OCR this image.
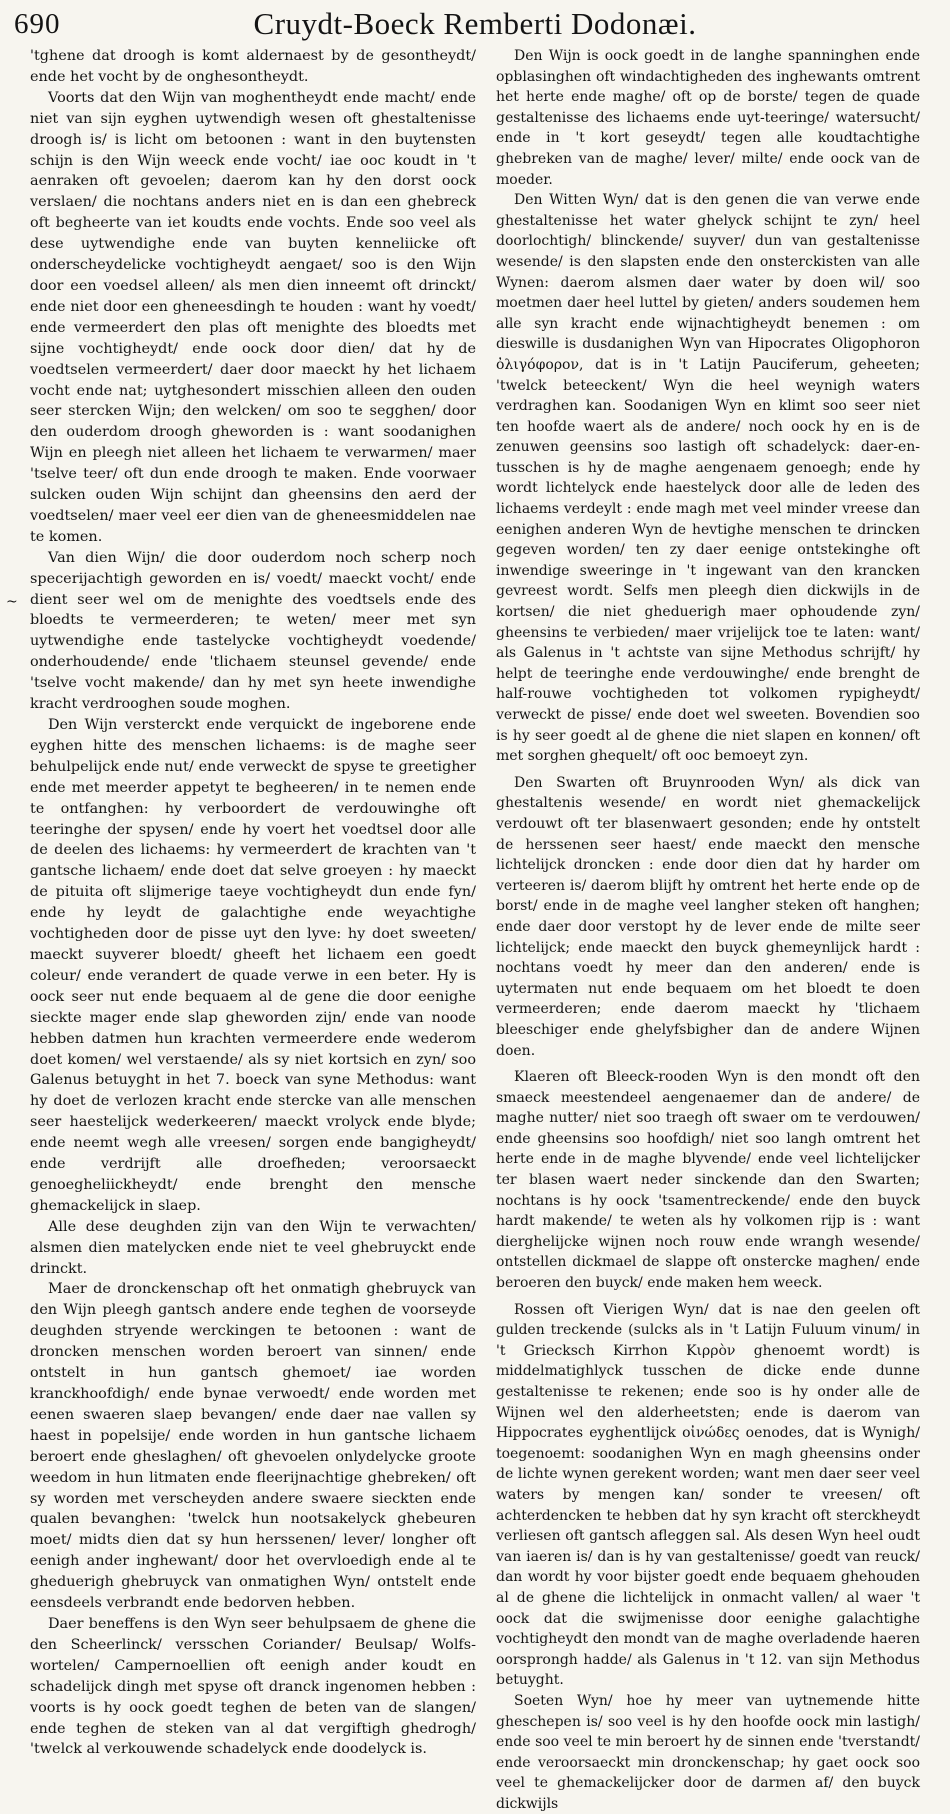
690	Cruydt-Boeck Remberti Dodonæi.
~

'tghene dat droogh is komt aldernaest by de gesontheydt/ ende het vocht by de onghesontheydt.

Voorts dat den Wijn van moghentheydt ende macht/ ende niet van sijn eyghen uytwendigh wesen oft ghestaltenisse droogh is/ is licht om betoonen : want in den buytensten schijn is den Wijn weeck ende vocht/ iae ooc koudt in 't aenraken oft gevoelen; daerom kan hy den dorst oock verslaen/ die nochtans anders niet en is dan een ghebreck oft begheerte van iet koudts ende vochts. Ende soo veel als dese uytwendighe ende van buyten kenneliicke oft onderscheydelicke vochtigheydt aengaet/ soo is den Wijn door een voedsel alleen/ als men dien inneemt oft drinckt/ ende niet door een gheneesdingh te houden : want hy voedt/ ende vermeerdert den plas oft menighte des bloedts met sijne vochtigheydt/ ende oock door dien/ dat hy de voedtselen vermeerdert/ daer door maeckt hy het lichaem vocht ende nat; uytghesondert misschien alleen den ouden seer stercken Wijn; den welcken/ om soo te segghen/ door den ouderdom droogh gheworden is : want soodanighen Wijn en pleegh niet alleen het lichaem te verwarmen/ maer 'tselve teer/ oft dun ende droogh te maken. Ende voorwaer sulcken ouden Wijn schijnt dan gheensins den aerd der voedtselen/ maer veel eer dien van de gheneesmiddelen nae te komen.

Van dien Wijn/ die door ouderdom noch scherp noch specerijachtigh geworden en is/ voedt/ maeckt vocht/ ende dient seer wel om de menighte des voedtsels ende des bloedts te vermeerderen; te weten/ meer met syn uytwendighe ende tastelycke vochtigheydt voedende/ onderhoudende/ ende 'tlichaem steunsel gevende/ ende 'tselve vocht makende/ dan hy met syn heete inwendighe kracht verdrooghen soude moghen.

Den Wijn versterckt ende verquickt de ingeborene ende eyghen hitte des menschen lichaems: is de maghe seer behulpelijck ende nut/ ende verweckt de spyse te greetigher ende met meerder appetyt te begheeren/ in te nemen ende te ontfanghen: hy verboordert de verdouwinghe oft teeringhe der spysen/ ende hy voert het voedtsel door alle de deelen des lichaems: hy vermeerdert de krachten van 't gantsche lichaem/ ende doet dat selve groeyen : hy maeckt de pituita oft slijmerige taeye vochtigheydt dun ende fyn/ ende hy leydt de galachtighe ende weyachtighe vochtigheden door de pisse uyt den lyve: hy doet sweeten/ maeckt suyverer bloedt/ gheeft het lichaem een goedt coleur/ ende verandert de quade verwe in een beter. Hy is oock seer nut ende bequaem al de gene die door eenighe sieckte mager ende slap gheworden zijn/ ende van noode hebben datmen hun krachten vermeerdere ende wederom doet komen/ wel verstaende/ als sy niet kortsich en zyn/ soo Galenus betuyght in het 7. boeck van syne Methodus: want hy doet de verlozen kracht ende stercke van alle menschen seer haestelijck wederkeeren/ maeckt vrolyck ende blyde; ende neemt wegh alle vreesen/ sorgen ende bangigheydt/ ende verdrijft alle droefheden; veroorsaeckt genoegheliickheydt/ ende brenght den mensche ghemackelijck in slaep.

Alle dese deughden zijn van den Wijn te verwachten/ alsmen dien matelycken ende niet te veel ghebruyckt ende drinckt.

Maer de dronckenschap oft het onmatigh ghebruyck van den Wijn pleegh gantsch andere ende teghen de voorseyde deughden stryende werckingen te betoonen : want de droncken menschen worden beroert van sinnen/ ende ontstelt in hun gantsch ghemoet/ iae worden kranckhoofdigh/ ende bynae verwoedt/ ende worden met eenen swaeren slaep bevangen/ ende daer nae vallen sy haest in popelsije/ ende worden in hun gantsche lichaem beroert ende gheslaghen/ oft ghevoelen onlydelycke groote weedom in hun litmaten ende fleerijnachtige ghebreken/ oft sy worden met verscheyden andere swaere sieckten ende qualen bevanghen: 'twelck hun nootsakelyck ghebeuren moet/ midts dien dat sy hun herssenen/ lever/ longher oft eenigh ander inghewant/ door het overvloedigh ende al te gheduerigh ghebruyck van onmatighen Wyn/ ontstelt ende eensdeels verbrandt ende bedorven hebben.

Daer beneffens is den Wyn seer behulpsaem de ghene die den Scheerlinck/ versschen Coriander/ Beulsap/ Wolfs-wortelen/ Campernoellien oft eenigh ander koudt en schadelijck dingh met spyse oft dranck ingenomen hebben : voorts is hy oock goedt teghen de beten van de slangen/ ende teghen de steken van al dat vergiftigh ghedrogh/ 'twelck al verkouwende schadelyck ende doodelyck is.

Den Wijn is oock goedt in de langhe spanninghen ende opblasinghen oft windachtigheden des inghewants omtrent het herte ende maghe/ oft op de borste/ tegen de quade gestaltenisse des lichaems ende uyt-teeringe/ watersucht/ ende in 't kort geseydt/ tegen alle koudtachtighe ghebreken van de maghe/ lever/ milte/ ende oock van de moeder.

Den Witten Wyn/ dat is den genen die van verwe ende ghestaltenisse het water ghelyck schijnt te zyn/ heel doorlochtigh/ blinckende/ suyver/ dun van gestaltenisse wesende/ is den slapsten ende den onsterckisten van alle Wynen: daerom alsmen daer water by doen wil/ soo moetmen daer heel luttel by gieten/ anders soudemen hem alle syn kracht ende wijnachtigheydt benemen : om dieswille is dusdanighen Wyn van Hipocrates Oligophoron ὀλιγόφορον, dat is in 't Latijn Pauciferum, geheeten; 'twelck beteeckent/ Wyn die heel weynigh waters verdraghen kan. Soodanigen Wyn en klimt soo seer niet ten hoofde waert als de andere/ noch oock hy en is de zenuwen geensins soo lastigh oft schadelyck: daer-en-tusschen is hy de maghe aengenaem genoegh; ende hy wordt lichtelyck ende haestelyck door alle de leden des lichaems verdeylt : ende magh met veel minder vreese dan eenighen anderen Wyn de hevtighe menschen te drincken gegeven worden/ ten zy daer eenige ontstekinghe oft inwendige sweeringe in 't ingewant van den krancken gevreest wordt. Selfs men pleegh dien dickwijls in de kortsen/ die niet gheduerigh maer ophoudende zyn/ gheensins te verbieden/ maer vrijelijck toe te laten: want/ als Galenus in 't achtste van sijne Methodus schrijft/ hy helpt de teeringhe ende verdouwinghe/ ende brenght de half-rouwe vochtigheden tot volkomen rypigheydt/ verweckt de pisse/ ende doet wel sweeten. Bovendien soo is hy seer goedt al de ghene die niet slapen en konnen/ oft met sorghen ghequelt/ oft ooc bemoeyt zyn.

Den Swarten oft Bruynrooden Wyn/ als dick van ghestaltenis wesende/ en wordt niet ghemackelijck verdouwt oft ter blasenwaert gesonden; ende hy ontstelt de herssenen seer haest/ ende maeckt den mensche lichtelijck droncken : ende door dien dat hy harder om verteeren is/ daerom blijft hy omtrent het herte ende op de borst/ ende in de maghe veel langher steken oft hanghen; ende daer door verstopt hy de lever ende de milte seer lichtelijck; ende maeckt den buyck ghemeynlijck hardt : nochtans voedt hy meer dan den anderen/ ende is uytermaten nut ende bequaem om het bloedt te doen vermeerderen; ende daerom maeckt hy 'tlichaem bleeschiger ende ghelyfsbigher dan de andere Wijnen doen.

Klaeren oft Bleeck-rooden Wyn is den mondt oft den smaeck meestendeel aengenaemer dan de andere/ de maghe nutter/ niet soo traegh oft swaer om te verdouwen/ ende gheensins soo hoofdigh/ niet soo langh omtrent het herte ende in de maghe blyvende/ ende veel lichtelijcker ter blasen waert neder sinckende dan den Swarten; nochtans is hy oock 'tsamentreckende/ ende den buyck hardt makende/ te weten als hy volkomen rijp is : want dierghelijcke wijnen noch rouw ende wrangh wesende/ ontstellen dickmael de slappe oft onstercke maghen/ ende beroeren den buyck/ ende maken hem weeck.

Rossen oft Vierigen Wyn/ dat is nae den geelen oft gulden treckende (sulcks als in 't Latijn Fuluum vinum/ in 't Griecksch Kirrhon Κιρρὸν ghenoemt wordt) is middelmatighlyck tusschen de dicke ende dunne gestaltenisse te rekenen; ende soo is hy onder alle de Wijnen wel den alderheetsten; ende is daerom van Hippocrates eyghentlijck οἰνώδες oenodes, dat is Wynigh/ toegenoemt: soodanighen Wyn en magh gheensins onder de lichte wynen gerekent worden; want men daer seer veel waters by mengen kan/ sonder te vreesen/ oft achterdencken te hebben dat hy syn kracht oft sterckheydt verliesen oft gantsch afleggen sal. Als desen Wyn heel oudt van iaeren is/ dan is hy van gestaltenisse/ goedt van reuck/ dan wordt hy voor bijster goedt ende bequaem ghehouden al de ghene die lichtelijck in onmacht vallen/ al waer 't oock dat die swijmenisse door eenighe galachtighe vochtigheydt den mondt van de maghe overladende haeren oorsprongh hadde/ als Galenus in 't 12. van sijn Methodus betuyght.

Soeten Wyn/ hoe hy meer van uytnemende hitte gheschepen is/ soo veel is hy den hoofde oock min lastigh/ ende soo veel te min beroert hy de sinnen ende 'tverstandt/ ende veroorsaeckt min dronckenschap; hy gaet oock soo veel te ghemackelijcker door de darmen af/ den buyck dickwijls
